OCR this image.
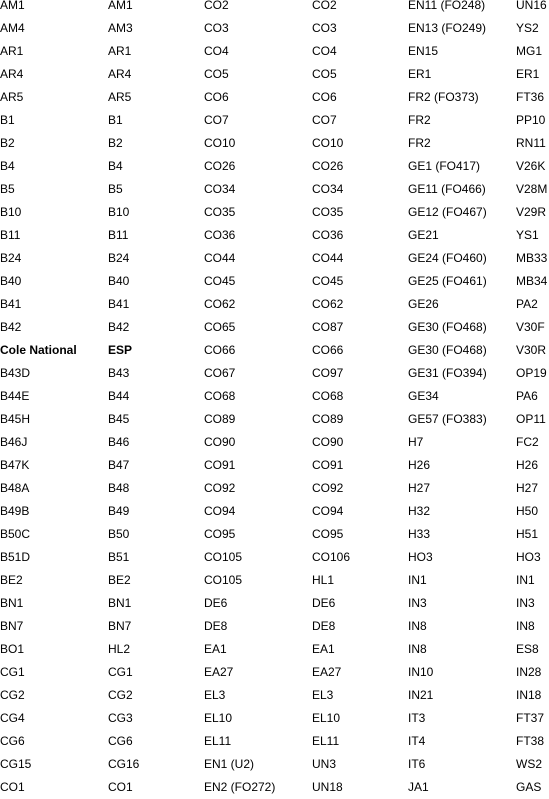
AM1	AM1	CO2	CO2	EN11 (FO248)	UN16
AM4	AM3	CO3	CO3	EN13 (FO249)	YS2
AR1	AR1	CO4	CO4	EN15	MG1
AR4	AR4	CO5	CO5	ER1	ER1
AR5	AR5	CO6	CO6	FR2 (FO373)	FT36
B1	B1	CO7	CO7	FR2	PP10
B2	B2	CO10	CO10	FR2	RN11
B4	B4	CO26	CO26	GE1 (FO417)	V26K
B5	B5	CO34	CO34	GE11 (FO466)	V28M
B10	B10	CO35	CO35	GE12 (FO467)	V29R
B11	B11	CO36	CO36	GE21	YS1
B24	B24	CO44	CO44	GE24 (FO460)	MB33
B40	B40	CO45	CO45	GE25 (FO461)	MB34
B41	B41	CO62	CO62	GE26	PA2
B42	B42	CO65	CO87	GE30 (FO468)	V30F
Cole National	ESP	CO66	CO66	GE30 (FO468)	V30R
B43D	B43	CO67	CO97	GE31 (FO394)	OP19
B44E	B44	CO68	CO68	GE34	PA6
B45H	B45	CO89	CO89	GE57 (FO383)	OP11
B46J	B46	CO90	CO90	H7	FC2
B47K	B47	CO91	CO91	H26	H26
B48A	B48	CO92	CO92	H27	H27
B49B	B49	CO94	CO94	H32	H50
B50C	B50	CO95	CO95	H33	H51
B51D	B51	CO105	CO106	HO3	HO3
BE2	BE2	CO105	HL1	IN1	IN1
BN1	BN1	DE6	DE6	IN3	IN3
BN7	BN7	DE8	DE8	IN8	IN8
BO1	HL2	EA1	EA1	IN8	ES8
CG1	CG1	EA27	EA27	IN10	IN28
CG2	CG2	EL3	EL3	IN21	IN18
CG4	CG3	EL10	EL10	IT3	FT37
CG6	CG6	EL11	EL11	IT4	FT38
CG15	CG16	EN1 (U2)	UN3	IT6	WS2
CO1	CO1	EN2 (FO272)	UN18	JA1	GAS
